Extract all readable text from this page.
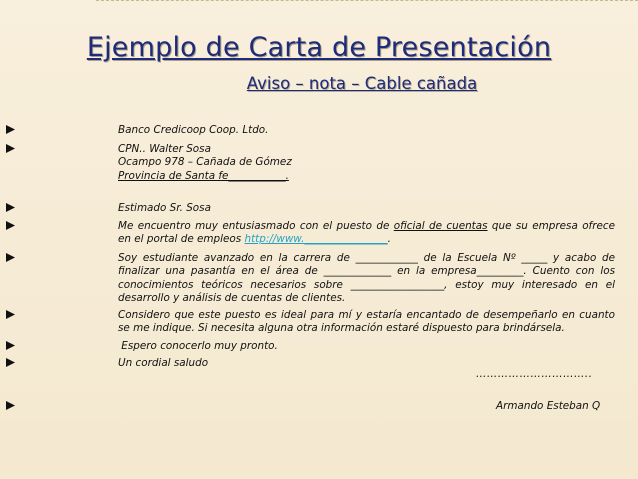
Ejemplo de Carta de Presentación
Aviso – nota – Cable cañada
Banco Credicoop Coop. Ltdo.
CPN.. Walter Sosa
Ocampo 978 – Cañada de Gómez
Provincia de Santa fe___________.
Estimado Sr. Sosa
Me encuentro muy entusiasmado con el puesto de oficial de cuentas que su empresa ofrece en el portal de empleos http://www.________________.
Soy estudiante avanzado en la carrera de ____________ de la Escuela Nº _____ y acabo de finalizar una pasantía en el área de _____________ en la empresa_________. Cuento con los conocimientos teóricos necesarios sobre __________________, estoy muy interesado en el desarrollo y análisis de cuentas de clientes.
Considero que este puesto es ideal para mí y estaría encantado de desempeñarlo en cuanto se me indique. Si necesita alguna otra información estaré dispuesto para brindársela.
Espero conocerlo muy pronto.
Un cordial saludo
…………………………..
Armando Esteban Q
